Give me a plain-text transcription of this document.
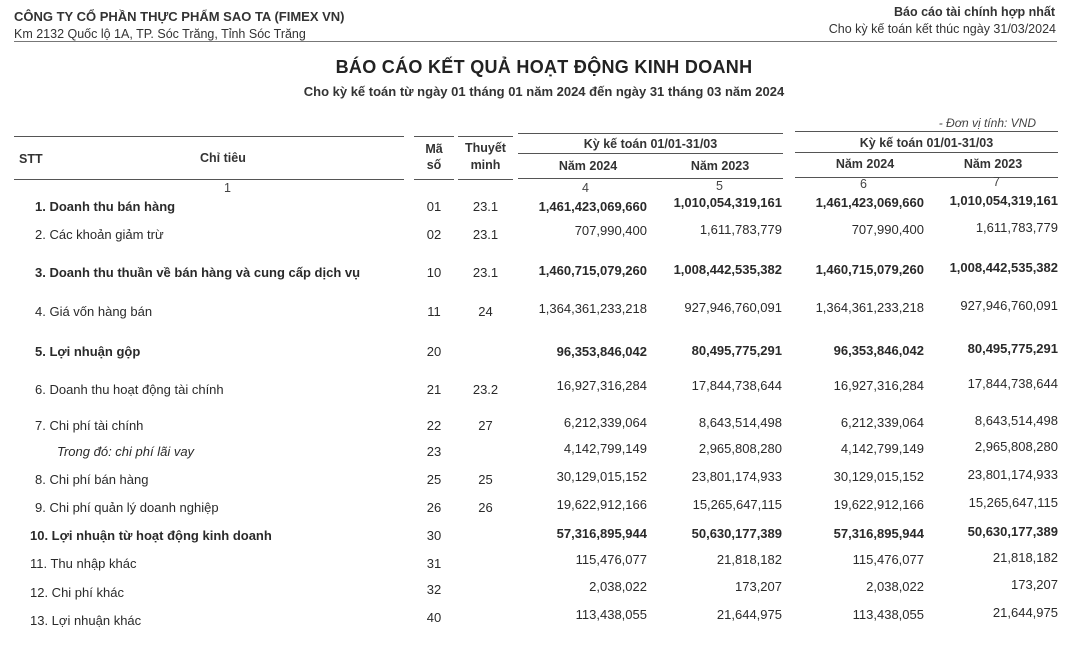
CÔNG TY CỔ PHẦN THỰC PHẨM SAO TA (FIMEX VN)
Km 2132 Quốc lộ 1A, TP. Sóc Trăng, Tỉnh Sóc Trăng
Báo cáo tài chính hợp nhất
Cho kỳ kế toán kết thúc ngày 31/03/2024
BÁO CÁO KẾT QUẢ HOẠT ĐỘNG KINH DOANH
Cho kỳ kế toán từ ngày 01 tháng 01 năm 2024 đến ngày 31 tháng 03 năm 2024
- Đơn vị tính: VND
STT	Chỉ tiêu
Mã
số
Thuyết
minh
Kỳ kế toán 01/01-31/03	Kỳ kế toán 01/01-31/03
Năm 2024	Năm 2023	Năm 2024	Năm 2023
1	4	5	6	7
1. Doanh thu bán hàng	01	23.1	1,461,423,069,660	1,010,054,319,161	1,461,423,069,660	1,010,054,319,161
2. Các khoản giảm trừ	02	23.1	707,990,400	1,611,783,779	707,990,400	1,611,783,779
3. Doanh thu thuần về bán hàng và cung cấp dịch vụ	10	23.1	1,460,715,079,260	1,008,442,535,382	1,460,715,079,260	1,008,442,535,382
4. Giá vốn hàng bán	11	24	1,364,361,233,218	927,946,760,091	1,364,361,233,218	927,946,760,091
5. Lợi nhuận gộp	20	96,353,846,042	80,495,775,291	96,353,846,042	80,495,775,291
6. Doanh thu hoạt động tài chính	21	23.2	16,927,316,284	17,844,738,644	16,927,316,284	17,844,738,644
7. Chi phí tài chính	22	27	6,212,339,064	8,643,514,498	6,212,339,064	8,643,514,498
Trong đó: chi phí lãi vay	23	4,142,799,149	2,965,808,280	4,142,799,149	2,965,808,280
8. Chi phí bán hàng	25	25	30,129,015,152	23,801,174,933	30,129,015,152	23,801,174,933
9. Chi phí quản lý doanh nghiệp	26	26	19,622,912,166	15,265,647,115	19,622,912,166	15,265,647,115
10. Lợi nhuận từ hoạt động kinh doanh	30	57,316,895,944	50,630,177,389	57,316,895,944	50,630,177,389
11. Thu nhập khác	31	115,476,077	21,818,182	115,476,077	21,818,182
12. Chi phí khác	32	2,038,022	173,207	2,038,022	173,207
13. Lợi nhuận khác	40	113,438,055	21,644,975	113,438,055	21,644,975
